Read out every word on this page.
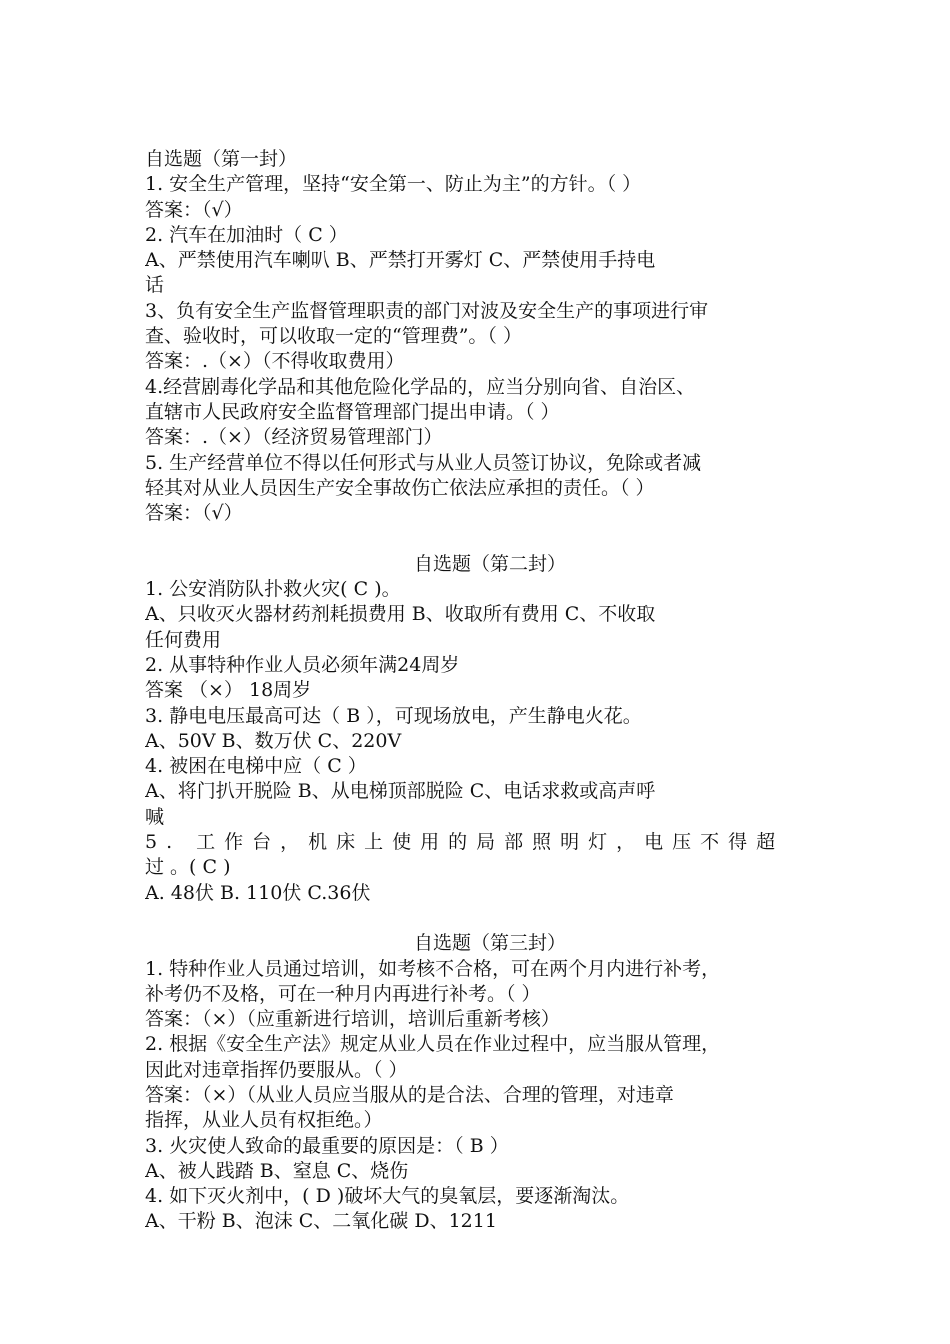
自选题（第一封）
1. 安全生产管理，坚持“安全第一、防止为主”的方针。（ ）
答案：（√）
2. 汽车在加油时（ C ）
A、严禁使用汽车喇叭 B、严禁打开雾灯 C、严禁使用手持电
话
3、负有安全生产监督管理职责的部门对波及安全生产的事项进行审
查、验收时，可以收取一定的“管理费”。（ ）
答案：.（×）（不得收取费用）
4.经营剧毒化学品和其他危险化学品的，应当分别向省、自治区、
直辖市人民政府安全监督管理部门提出申请。（ ）
答案：.（×）（经济贸易管理部门）
5. 生产经营单位不得以任何形式与从业人员签订协议，免除或者减
轻其对从业人员因生产安全事故伤亡依法应承担的责任。（ ）
答案：（√）
自选题（第二封）
1. 公安消防队扑救火灾( C )。
A、只收灭火器材药剂耗损费用 B、收取所有费用 C、不收取
任何费用
2. 从事特种作业人员必须年满24周岁
答案 （×） 18周岁
3. 静电电压最高可达（ B ），可现场放电，产生静电火花。
A、50V B、数万伏 C、220V
4. 被困在电梯中应（ C ）
A、将门扒开脱险 B、从电梯顶部脱险 C、电话求救或高声呼
喊
5. 工作台，机床上使用的局部照明灯，电压不得超
过 。( C )
A. 48伏 B. 110伏 C.36伏
自选题（第三封）
1. 特种作业人员通过培训，如考核不合格，可在两个月内进行补考，
补考仍不及格，可在一种月内再进行补考。（ ）
答案：（×）（应重新进行培训，培训后重新考核）
2. 根据《安全生产法》规定从业人员在作业过程中，应当服从管理，
因此对违章指挥仍要服从。（ ）
答案：（×）（从业人员应当服从的是合法、合理的管理，对违章
指挥，从业人员有权拒绝。）
3. 火灾使人致命的最重要的原因是：（ B ）
A、被人践踏 B、窒息 C、烧伤
4. 如下灭火剂中，( D )破坏大气的臭氧层，要逐渐淘汰。
A、干粉 B、泡沫 C、二氧化碳 D、1211
